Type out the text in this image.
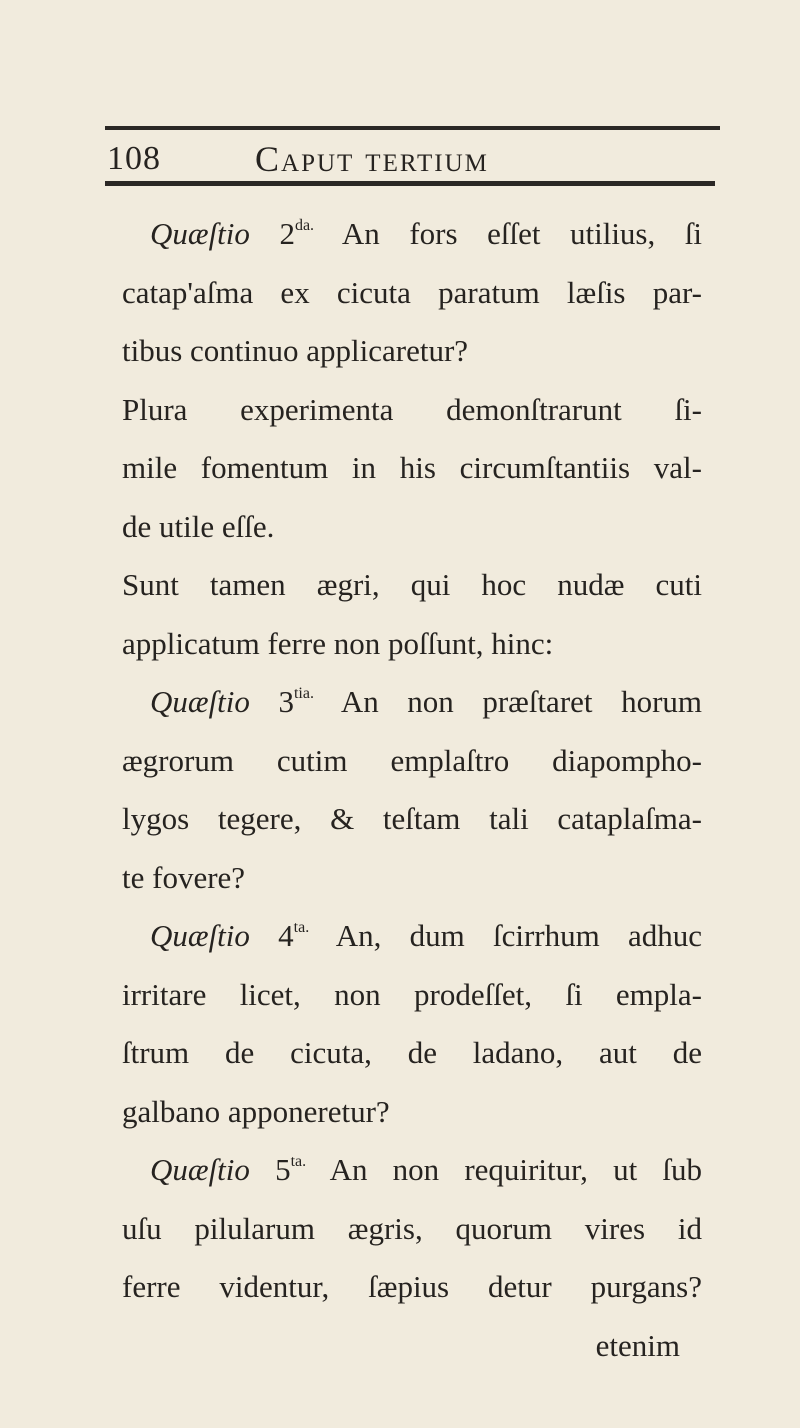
108	Caput tertium
Quæſtio $2^{da.}$ An fors eſſet utilius, ſi
catap'aſma ex cicuta paratum læſis par-
tibus continuo applicaretur?
Plura experimenta demonſtrarunt ſi-
mile fomentum in his circumſtantiis val-
de utile eſſe.
Sunt tamen ægri, qui hoc nudæ cuti
applicatum ferre non poſſunt, hinc:
Quæſtio $3^{tia.}$ An non præſtaret horum
ægrorum cutim emplaſtro diapompho-
lygos tegere, & teſtam tali cataplaſma-
te fovere?
Quæſtio $4^{ta.}$ An, dum ſcirrhum adhuc
irritare licet, non prodeſſet, ſi empla-
ſtrum de cicuta, de ladano, aut de
galbano apponeretur?
Quæſtio $5^{ta.}$ An non requiritur, ut ſub
uſu pilularum ægris, quorum vires id
ferre videntur, ſæpius detur purgans?
etenim
